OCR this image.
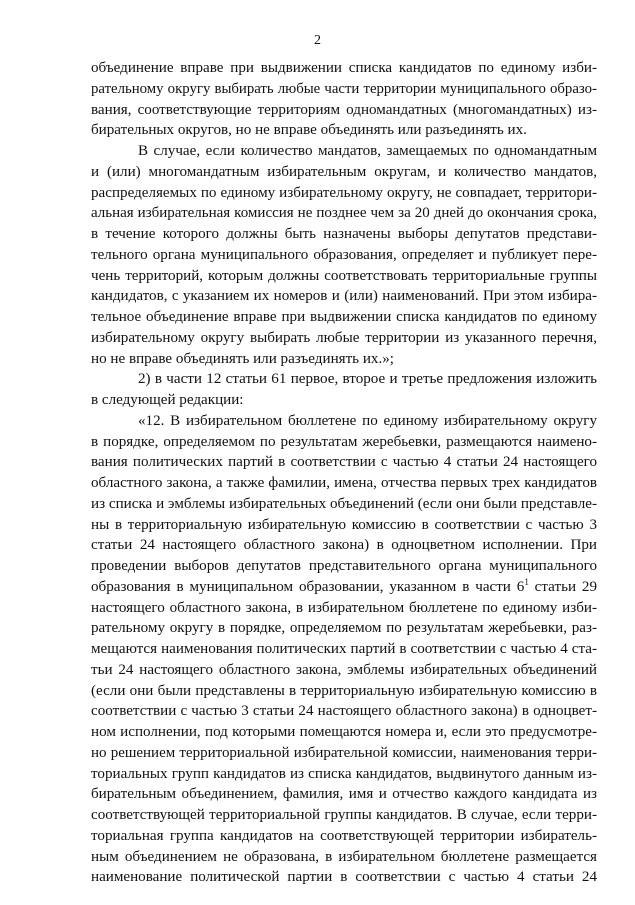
2
объединение вправе при выдвижении списка кандидатов по единому изби-
рательному округу выбирать любые части территории муниципального образо-
вания, соответствующие территориям одномандатных (многомандатных) из-
бирательных округов, но не вправе объединять или разъединять их.
В случае, если количество мандатов, замещаемых по одномандатным
и (или) многомандатным избирательным округам, и количество мандатов,
распределяемых по единому избирательному округу, не совпадает, территори-
альная избирательная комиссия не позднее чем за 20 дней до окончания срока,
в течение которого должны быть назначены выборы депутатов представи-
тельного органа муниципального образования, определяет и публикует пере-
чень территорий, которым должны соответствовать территориальные группы
кандидатов, с указанием их номеров и (или) наименований. При этом избира-
тельное объединение вправе при выдвижении списка кандидатов по единому
избирательному округу выбирать любые территории из указанного перечня,
но не вправе объединять или разъединять их.»;
2) в части 12 статьи 61 первое, второе и третье предложения изложить
в следующей редакции:
«12. В избирательном бюллетене по единому избирательному округу
в порядке, определяемом по результатам жеребьевки, размещаются наимено-
вания политических партий в соответствии с частью 4 статьи 24 настоящего
областного закона, а также фамилии, имена, отчества первых трех кандидатов
из списка и эмблемы избирательных объединений (если они были представле-
ны в территориальную избирательную комиссию в соответствии с частью 3
статьи 24 настоящего областного закона) в одноцветном исполнении. При
проведении выборов депутатов представительного органа муниципального
образования в муниципальном образовании, указанном в части $6^1$ статьи 29
настоящего областного закона, в избирательном бюллетене по единому изби-
рательному округу в порядке, определяемом по результатам жеребьевки, раз-
мещаются наименования политических партий в соответствии с частью 4 ста-
тьи 24 настоящего областного закона, эмблемы избирательных объединений
(если они были представлены в территориальную избирательную комиссию в
соответствии с частью 3 статьи 24 настоящего областного закона) в одноцвет-
ном исполнении, под которыми помещаются номера и, если это предусмотре-
но решением территориальной избирательной комиссии, наименования терри-
ториальных групп кандидатов из списка кандидатов, выдвинутого данным из-
бирательным объединением, фамилия, имя и отчество каждого кандидата из
соответствующей территориальной группы кандидатов. В случае, если терри-
ториальная группа кандидатов на соответствующей территории избиратель-
ным объединением не образована, в избирательном бюллетене размещается
наименование политической партии в соответствии с частью 4 статьи 24
